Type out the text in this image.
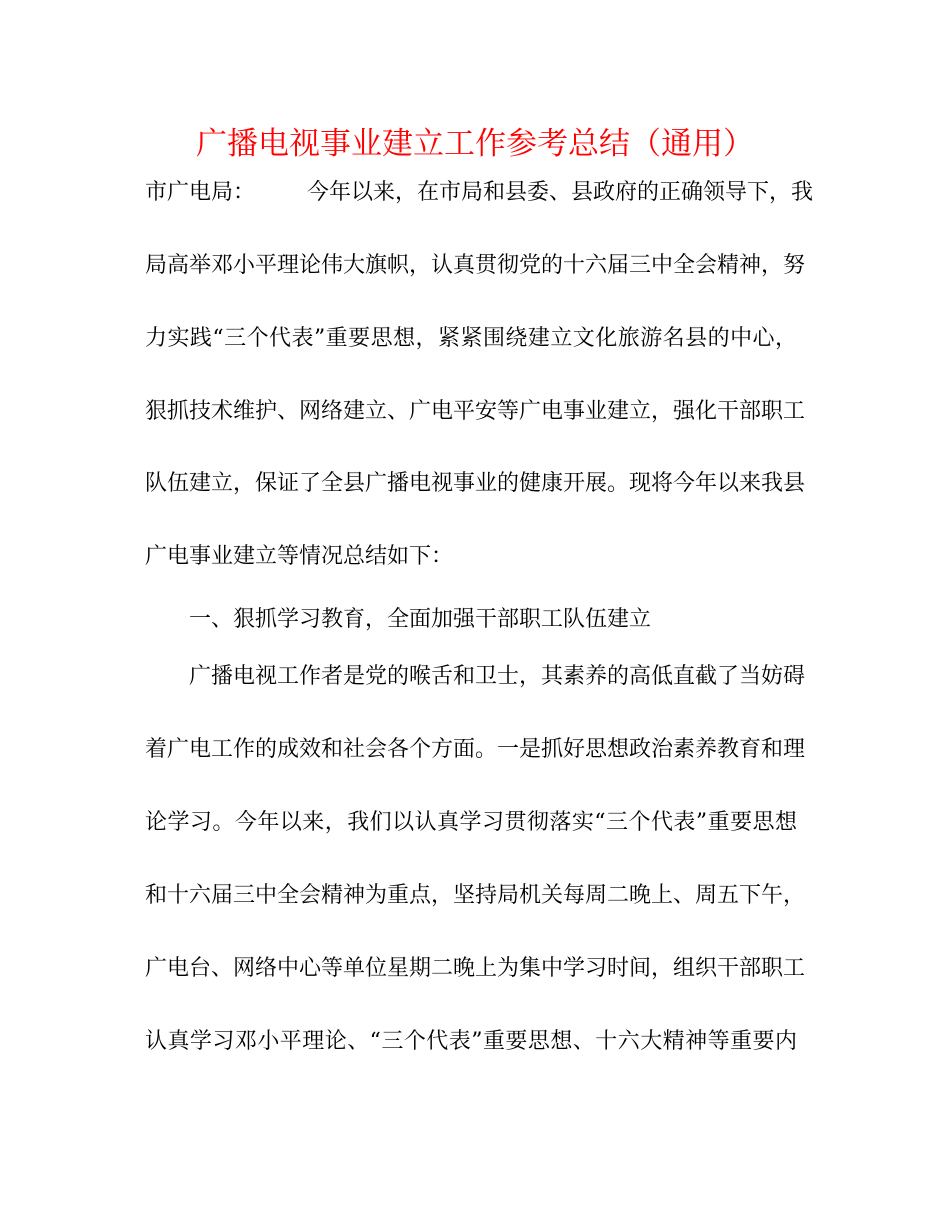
广播电视事业建立工作参考总结（通用）
市广电局： 今年以来，在市局和县委、县政府的正确领导下，我
局高举邓小平理论伟大旗帜，认真贯彻党的十六届三中全会精神，努
力实践“三个代表”重要思想，紧紧围绕建立文化旅游名县的中心，
狠抓技术维护、网络建立、广电平安等广电事业建立，强化干部职工
队伍建立，保证了全县广播电视事业的健康开展。现将今年以来我县
广电事业建立等情况总结如下：
一、狠抓学习教育，全面加强干部职工队伍建立
广播电视工作者是党的喉舌和卫士，其素养的高低直截了当妨碍
着广电工作的成效和社会各个方面。一是抓好思想政治素养教育和理
论学习。今年以来，我们以认真学习贯彻落实“三个代表”重要思想
和十六届三中全会精神为重点，坚持局机关每周二晚上、周五下午，
广电台、网络中心等单位星期二晚上为集中学习时间，组织干部职工
认真学习邓小平理论、“三个代表”重要思想、十六大精神等重要内
